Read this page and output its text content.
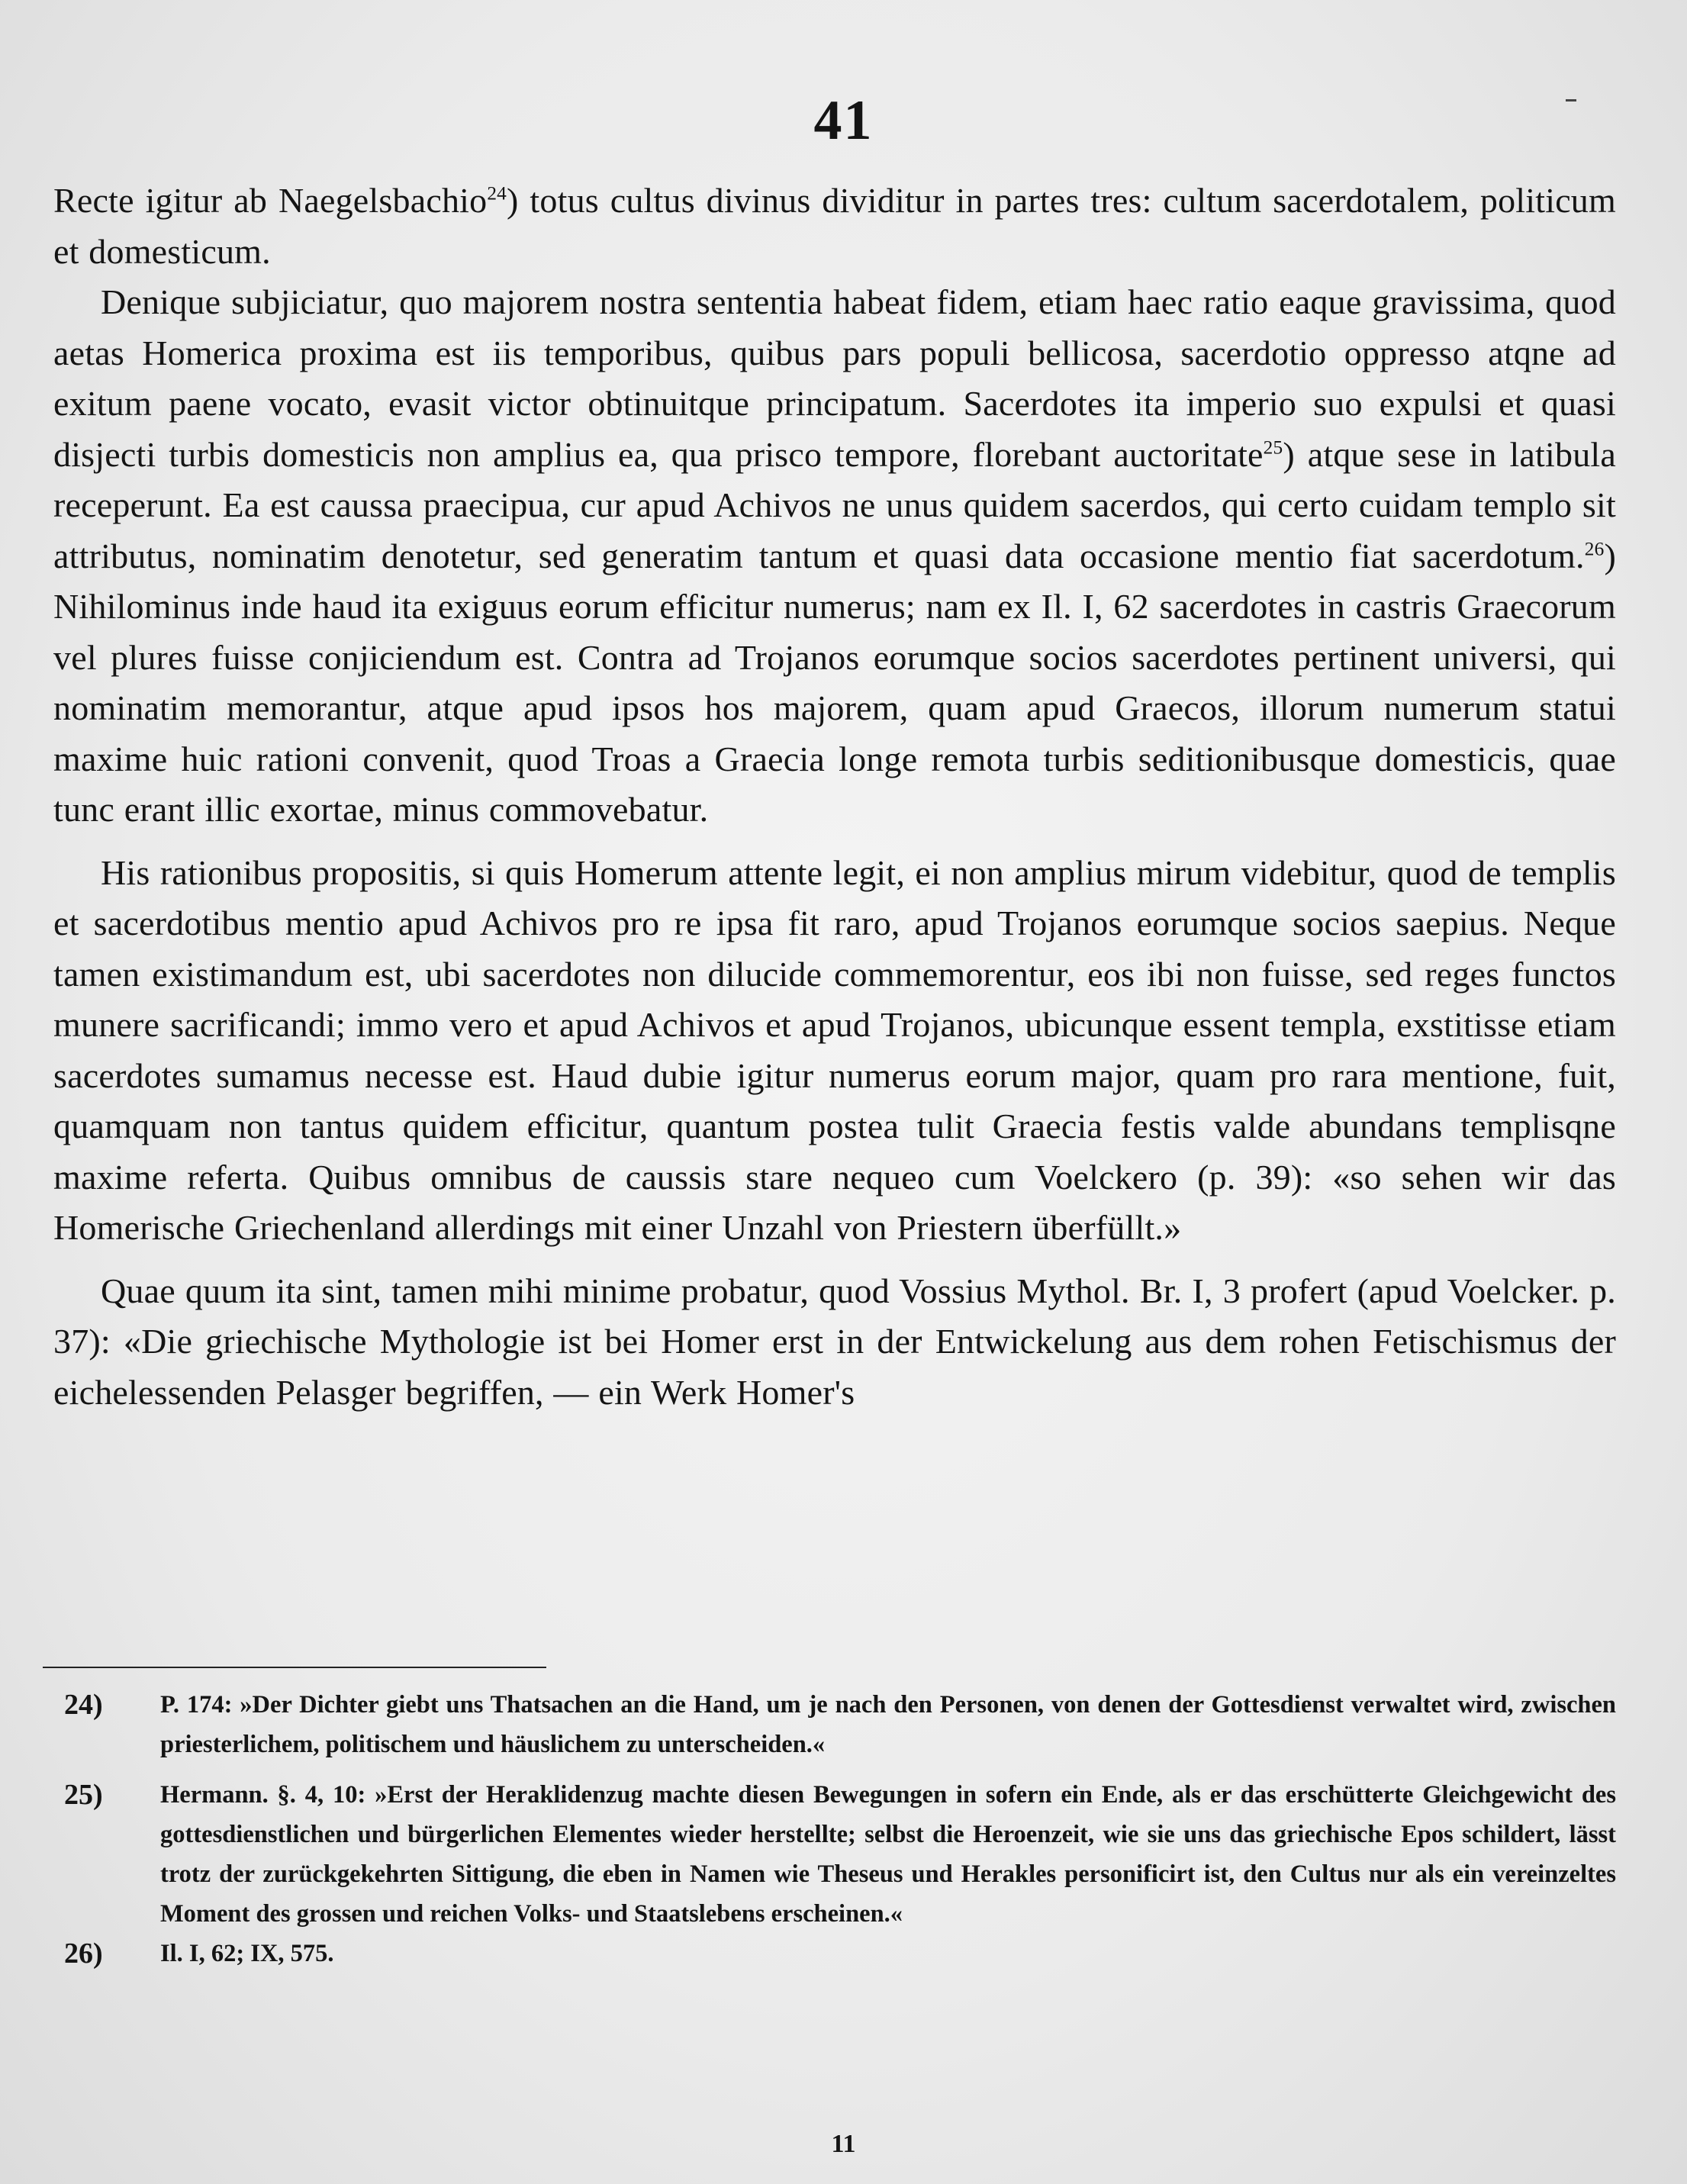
41

Recte igitur ab Naegelsbachio$^{24}$) totus cultus divinus dividitur in partes tres: cultum sacerdotalem, politicum et domesticum.

Denique subjiciatur, quo majorem nostra sententia habeat fidem, etiam haec ratio eaque gravissima, quod aetas Homerica proxima est iis temporibus, quibus pars populi bellicosa, sacerdotio oppresso atqne ad exitum paene vocato, evasit victor obtinuitque principatum. Sacerdotes ita imperio suo expulsi et quasi disjecti turbis domesticis non amplius ea, qua prisco tempore, florebant auctoritate$^{25}$) atque sese in latibula receperunt. Ea est caussa praecipua, cur apud Achivos ne unus quidem sacerdos, qui certo cuidam templo sit attributus, nominatim denotetur, sed generatim tantum et quasi data occasione mentio fiat sacerdotum.$^{26}$) Nihilominus inde haud ita exiguus eorum efficitur numerus; nam ex Il. I, 62 sacerdotes in castris Graecorum vel plures fuisse conjiciendum est. Contra ad Trojanos eorumque socios sacerdotes pertinent universi, qui nominatim memorantur, atque apud ipsos hos majorem, quam apud Graecos, illorum numerum statui maxime huic rationi convenit, quod Troas a Graecia longe remota turbis seditionibusque domesticis, quae tunc erant illic exortae, minus commovebatur.

His rationibus propositis, si quis Homerum attente legit, ei non amplius mirum videbitur, quod de templis et sacerdotibus mentio apud Achivos pro re ipsa fit raro, apud Trojanos eorumque socios saepius. Neque tamen existimandum est, ubi sacerdotes non dilucide commemorentur, eos ibi non fuisse, sed reges functos munere sacrificandi; immo vero et apud Achivos et apud Trojanos, ubicunque essent templa, exstitisse etiam sacerdotes sumamus necesse est. Haud dubie igitur numerus eorum major, quam pro rara mentione, fuit, quamquam non tantus quidem efficitur, quantum postea tulit Graecia festis valde abundans templisqne maxime referta. Quibus omnibus de caussis stare nequeo cum Voelckero (p. 39): «so sehen wir das Homerische Griechenland allerdings mit einer Unzahl von Priestern überfüllt.»

Quae quum ita sint, tamen mihi minime probatur, quod Vossius Mythol. Br. I, 3 profert (apud Voelcker. p. 37): «Die griechische Mythologie ist bei Homer erst in der Entwickelung aus dem rohen Fetischismus der eichelessenden Pelasger begriffen, — ein Werk Homer's

24) P. 174: »Der Dichter giebt uns Thatsachen an die Hand, um je nach den Personen, von denen der Gottesdienst verwaltet wird, zwischen priesterlichem, politischem und häuslichem zu unterscheiden.«

25) Hermann. §. 4, 10: »Erst der Heraklidenzug machte diesen Bewegungen in sofern ein Ende, als er das erschütterte Gleichgewicht des gottesdienstlichen und bürgerlichen Elementes wieder herstellte; selbst die Heroenzeit, wie sie uns das griechische Epos schildert, lässt trotz der zurückgekehrten Sittigung, die eben in Namen wie Theseus und Herakles personificirt ist, den Cultus nur als ein vereinzeltes Moment des grossen und reichen Volks- und Staatslebens erscheinen.«

26) Il. I, 62; IX, 575.

11
